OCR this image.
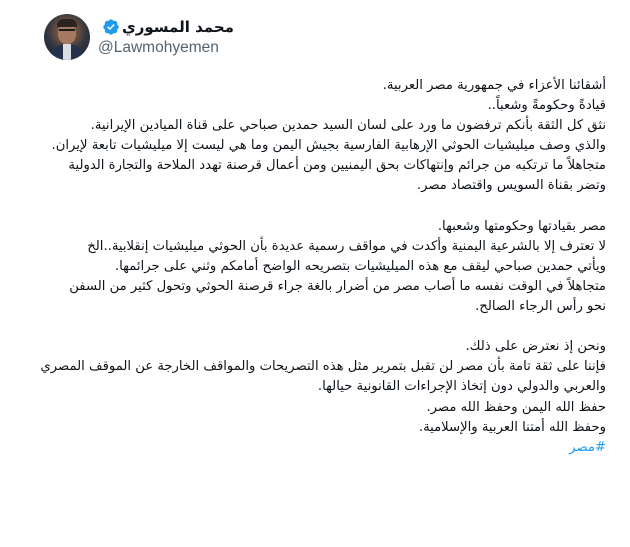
محمد المسوري
@Lawmohyemen
أشقائنا الأعزاء في جمهورية مصر العربية.
قيادةً وحكومةً وشعباً..
نثق كل الثقة بأنكم ترفضون ما ورد على لسان السيد حمدين صباحي على قناة الميادين الإيرانية.
والذي وصف ميليشيات الحوثي الإرهابية الفارسية بجيش اليمن وما هي ليست إلا ميليشيات تابعة لإيران.
متجاهلاً ما ترتكبه من جرائم وإنتهاكات بحق اليمنيين ومن أعمال قرصنة تهدد الملاحة والتجارة الدولية
وتضر بقناة السويس واقتصاد مصر.
مصر بقيادتها وحكومتها وشعبها.
لا تعترف إلا بالشرعية اليمنية وأكدت في مواقف رسمية عديدة بأن الحوثي ميليشيات إنقلابية..الخ
ويأتي حمدين صباحي ليقف مع هذه الميليشيات بتصريحه الواضح أمامكم وثني على جرائمها.
متجاهلاً في الوقت نفسه ما أصاب مصر من أضرار بالغة جراء قرصنة الحوثي وتحول كثير من السفن
نحو رأس الرجاء الصالح.
ونحن إذ نعترض على ذلك.
فإننا على ثقة تامة بأن مصر لن تقبل بتمرير مثل هذه التصريحات والمواقف الخارجة عن الموقف المصري
والعربي والدولي دون إتخاذ الإجراءات القانونية حيالها.
حفظ الله اليمن وحفظ الله مصر.
وحفظ الله أمتنا العربية والإسلامية.
#مصر
